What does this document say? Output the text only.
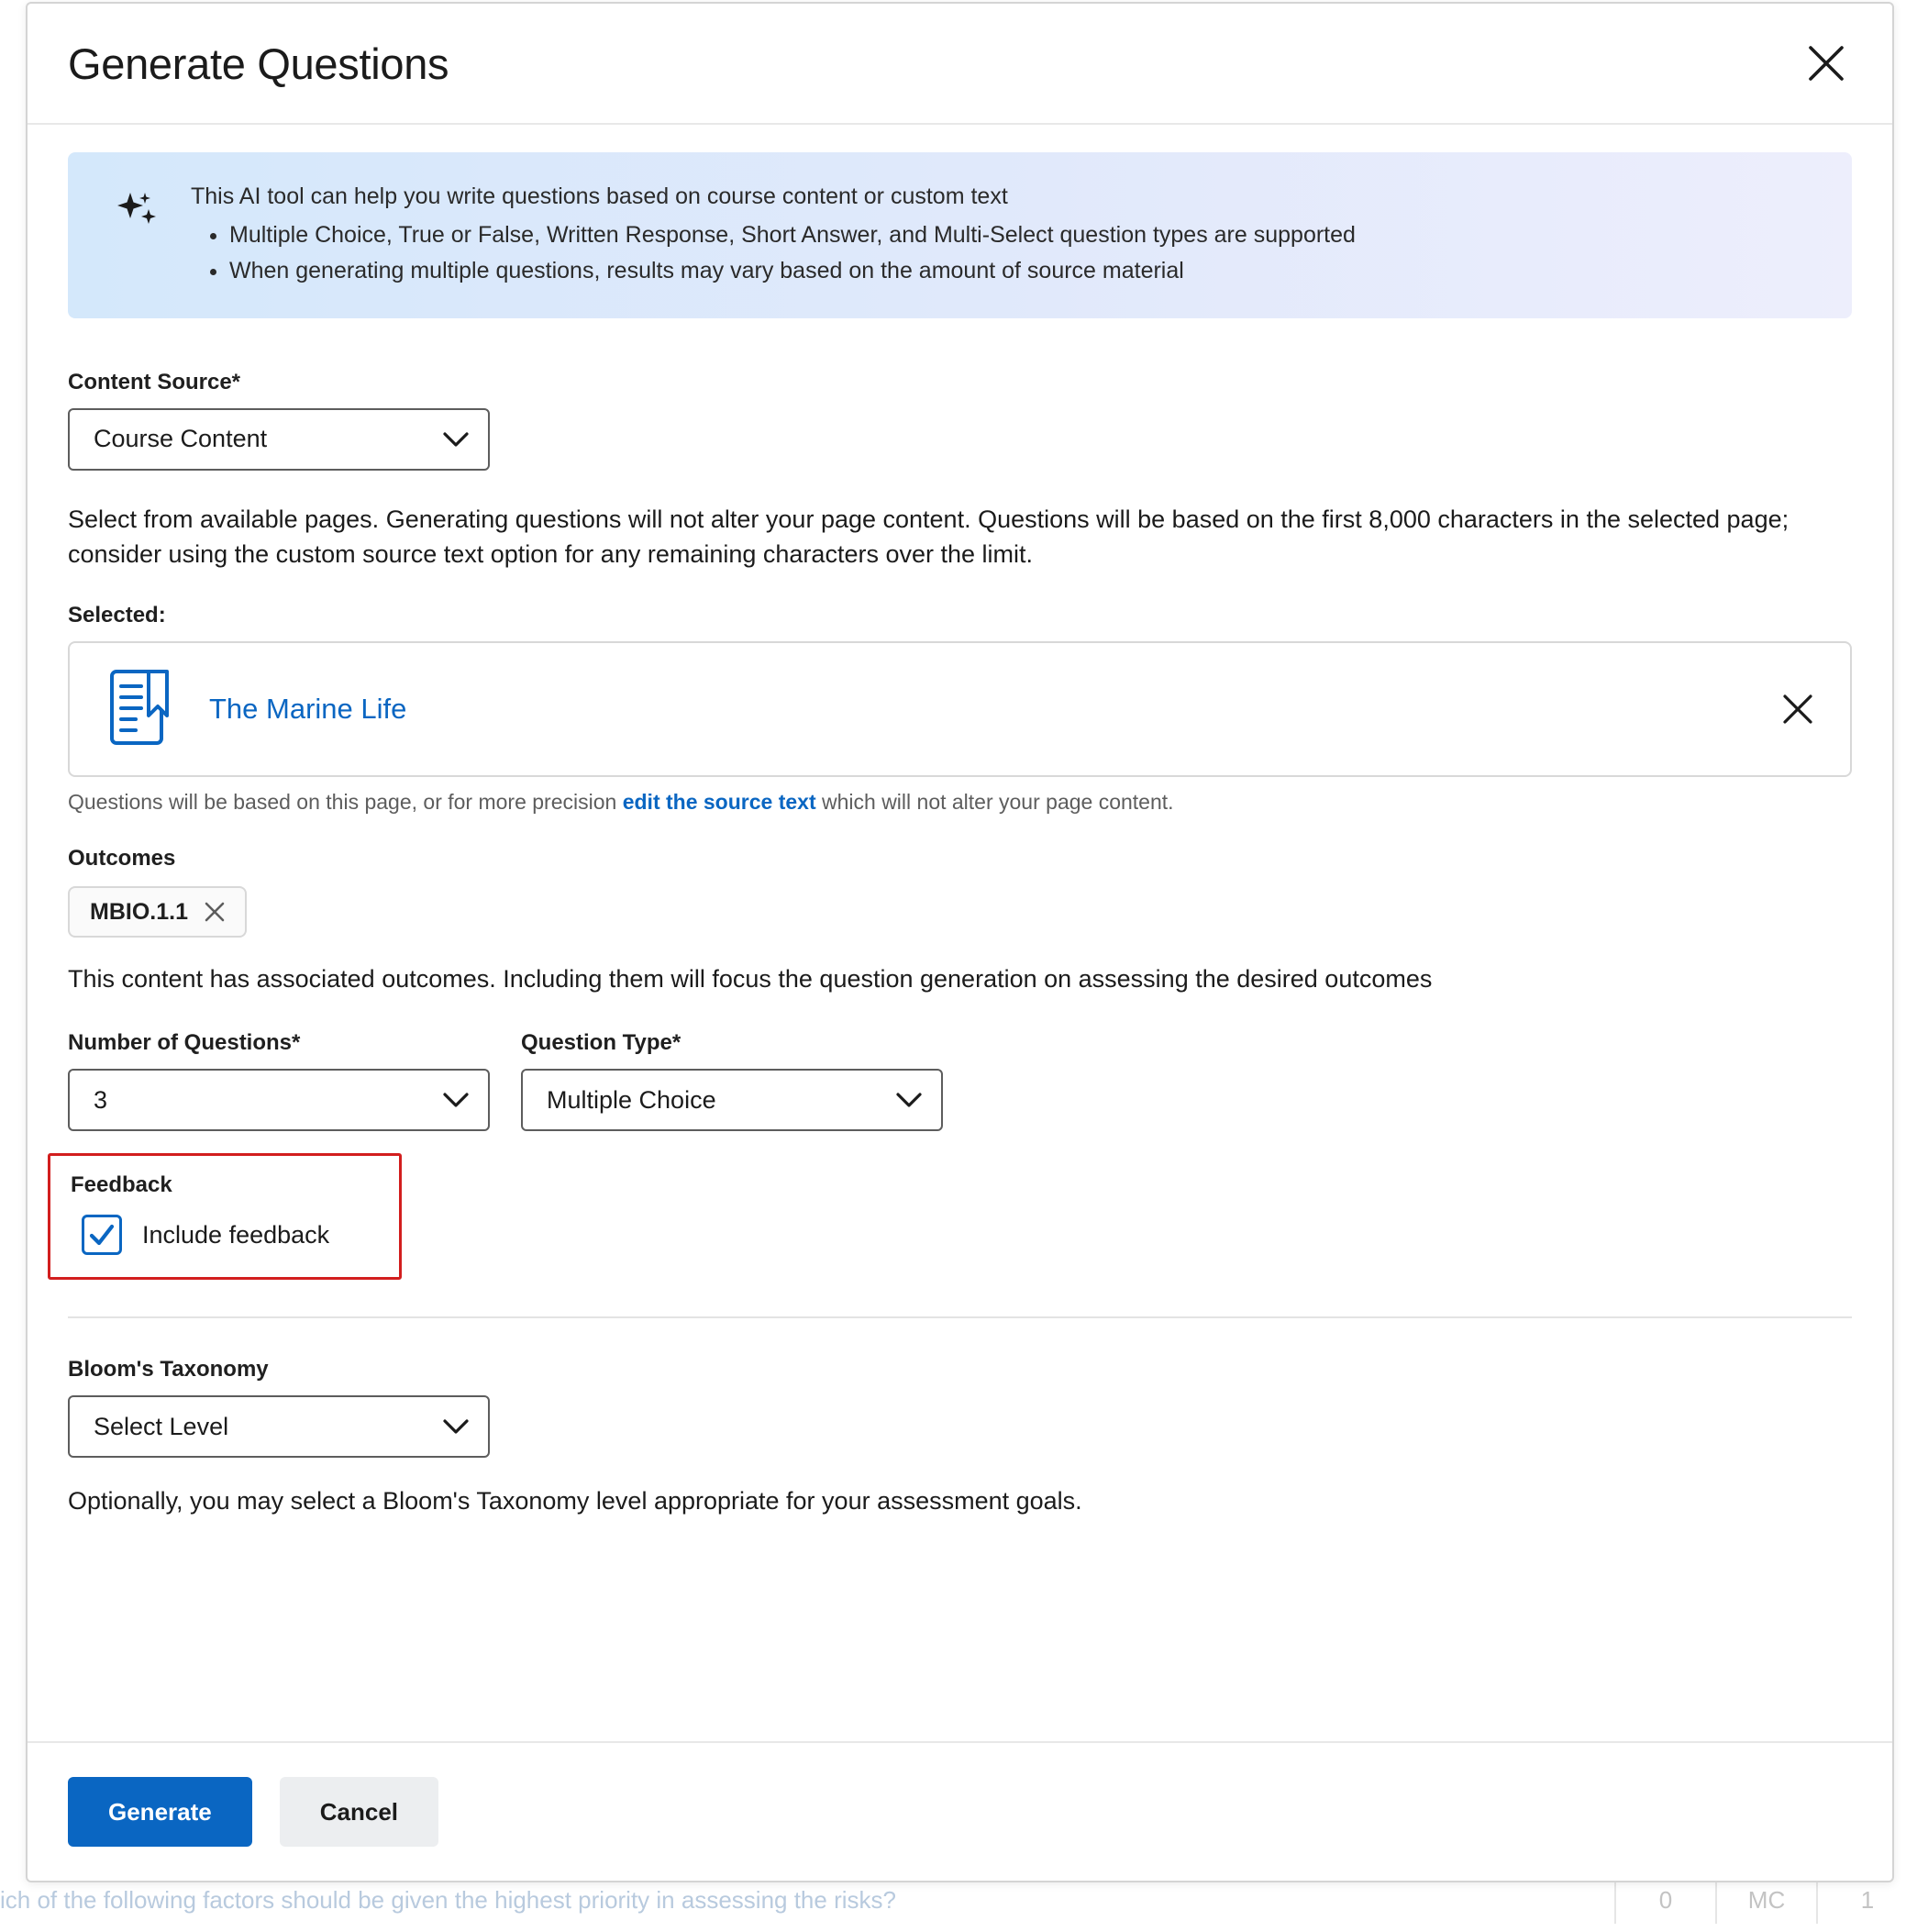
ich of the following factors should be given the highest priority in assessing the risks?	0	MC	1
Generate Questions
This AI tool can help you write questions based on course content or custom text
• Multiple Choice, True or False, Written Response, Short Answer, and Multi-Select question types are supported
• When generating multiple questions, results may vary based on the amount of source material
Content Source*
Course Content
Select from available pages. Generating questions will not alter your page content. Questions will be based on the first 8,000 characters in the selected page; consider using the custom source text option for any remaining characters over the limit.
Selected:
The Marine Life
Questions will be based on this page, or for more precision edit the source text which will not alter your page content.
Outcomes
MBIO.1.1
This content has associated outcomes. Including them will focus the question generation on assessing the desired outcomes
Number of Questions*
3
Question Type*
Multiple Choice
Feedback
Include feedback
Bloom's Taxonomy
Select Level
Optionally, you may select a Bloom's Taxonomy level appropriate for your assessment goals.
Generate	Cancel
